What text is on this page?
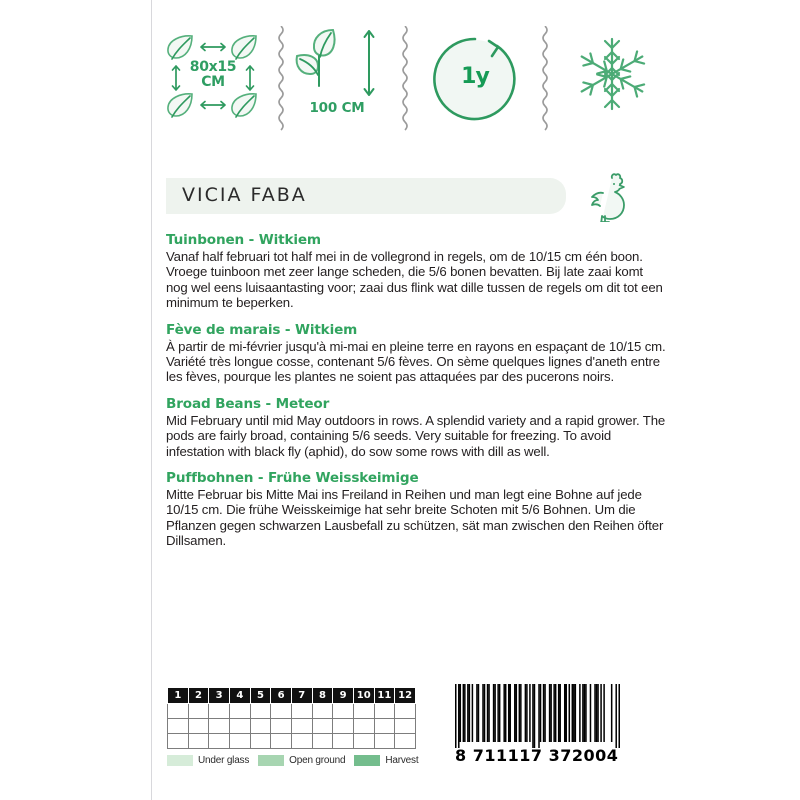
80x15
CM
100 CM
1y
VICIA FABA

Tuinbonen - Witkiem

Vanaf half februari tot half mei in de vollegrond in regels, om de 10/15 cm één boon. Vroege tuinboon met zeer lange scheden, die 5/6 bonen bevatten. Bij late zaai komt nog wel eens luisaantasting voor; zaai dus flink wat dille tussen de regels om dit tot een minimum te beperken.

Fève de marais - Witkiem

À partir de mi-février jusqu'à mi-mai en pleine terre en rayons en espaçant de 10/15 cm. Variété très longue cosse, contenant 5/6 fèves. On sème quelques lignes d'aneth entre les fèves, pourque les plantes ne soient pas attaquées par des pucerons noirs.

Broad Beans - Meteor

Mid February until mid May outdoors in rows. A splendid variety and a rapid grower. The pods are fairly broad, containing 5/6 seeds. Very suitable for freezing. To avoid infestation with black fly (aphid), do sow some rows with dill as well.

Puffbohnen - Frühe Weisskeimige

Mitte Februar bis Mitte Mai ins Freiland in Reihen und man legt eine Bohne auf jede 10/15 cm. Die frühe Weisskeimige hat sehr breite Schoten mit 5/6 Bohnen. Um die Pflanzen gegen schwarzen Lausbefall zu schützen, sät man zwischen den Reihen öfter Dillsamen.

1	2	3	4	5	6	7	8	9	10	11	12

Under glass	Open ground	Harvest 8 711117 372004
